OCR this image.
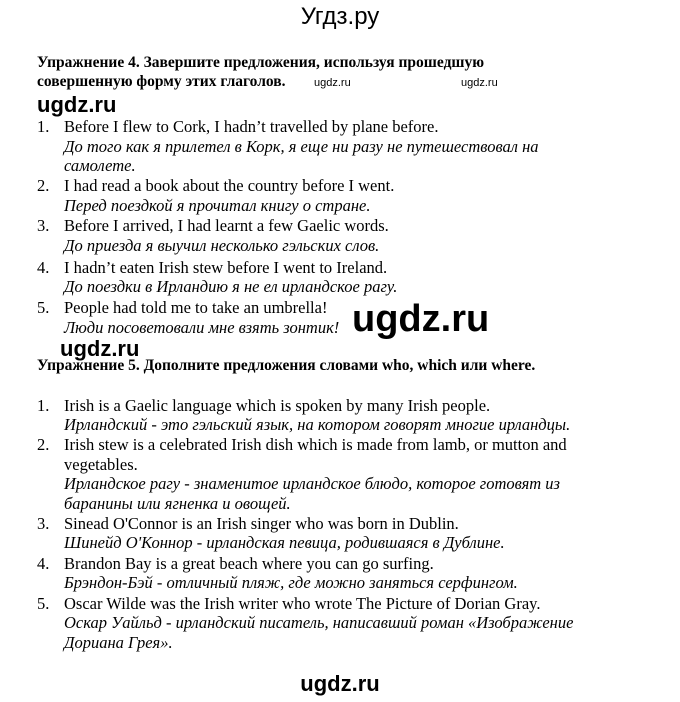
Угдз.ру
Упражнение 4. Завершите предложения, используя прошедшую
совершенную форму этих глаголов.	ugdz.ru	ugdz.ru
ugdz.ru
ugdz.ru
ugdz.ru
1. Before I flew to Cork, I hadn’t travelled by plane before.
До того как я прилетел в Корк, я еще ни разу не путешествовал на
самолете.
2. I had read a book about the country before I went.
Перед поездкой я прочитал книгу о стране.
3. Before I arrived, I had learnt a few Gaelic words.
До приезда я выучил несколько гэльских слов.
4. I hadn’t eaten Irish stew before I went to Ireland.
До поездки в Ирландию я не ел ирландское рагу.
5. People had told me to take an umbrella!
Люди посоветовали мне взять зонтик!
Упражнение 5. Дополните предложения словами who, which или where.
1. Irish is a Gaelic language which is spoken by many Irish people.
Ирландский - это гэльский язык, на котором говорят многие ирландцы.
2. Irish stew is a celebrated Irish dish which is made from lamb, or mutton and
vegetables.
Ирландское рагу - знаменитое ирландское блюдо, которое готовят из
баранины или ягненка и овощей.
3. Sinead O'Connor is an Irish singer who was born in Dublin.
Шинейд О'Коннор - ирландская певица, родившаяся в Дублине.
4. Brandon Bay is a great beach where you can go surfing.
Брэндон-Бэй - отличный пляж, где можно заняться серфингом.
5. Oscar Wilde was the Irish writer who wrote The Picture of Dorian Gray.
Оскар Уайльд - ирландский писатель, написавший роман «Изображение
Дориана Грея».
ugdz.ru
